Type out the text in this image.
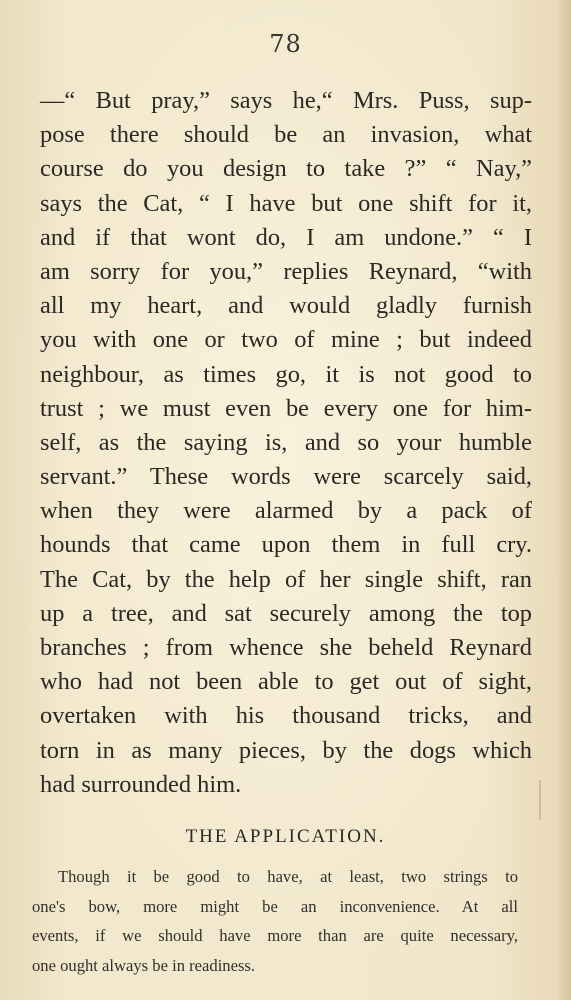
78
—“ But pray,” says he,“ Mrs. Puss, sup-
pose there should be an invasion, what
course do you design to take ?” “ Nay,”
says the Cat, “ I have but one shift for it,
and if that wont do, I am undone.” “ I
am sorry for you,” replies Reynard, “with
all my heart, and would gladly furnish
you with one or two of mine ; but indeed
neighbour, as times go, it is not good to
trust ; we must even be every one for him-
self, as the saying is, and so your humble
servant.” These words were scarcely said,
when they were alarmed by a pack of
hounds that came upon them in full cry.
The Cat, by the help of her single shift, ran
up a tree, and sat securely among the top
branches ; from whence she beheld Reynard
who had not been able to get out of sight,
overtaken with his thousand tricks, and
torn in as many pieces, by the dogs which
had surrounded him.
THE APPLICATION.
Though it be good to have, at least, two strings to
one's bow, more might be an inconvenience. At all
events, if we should have more than are quite necessary,
one ought always be in readiness.
